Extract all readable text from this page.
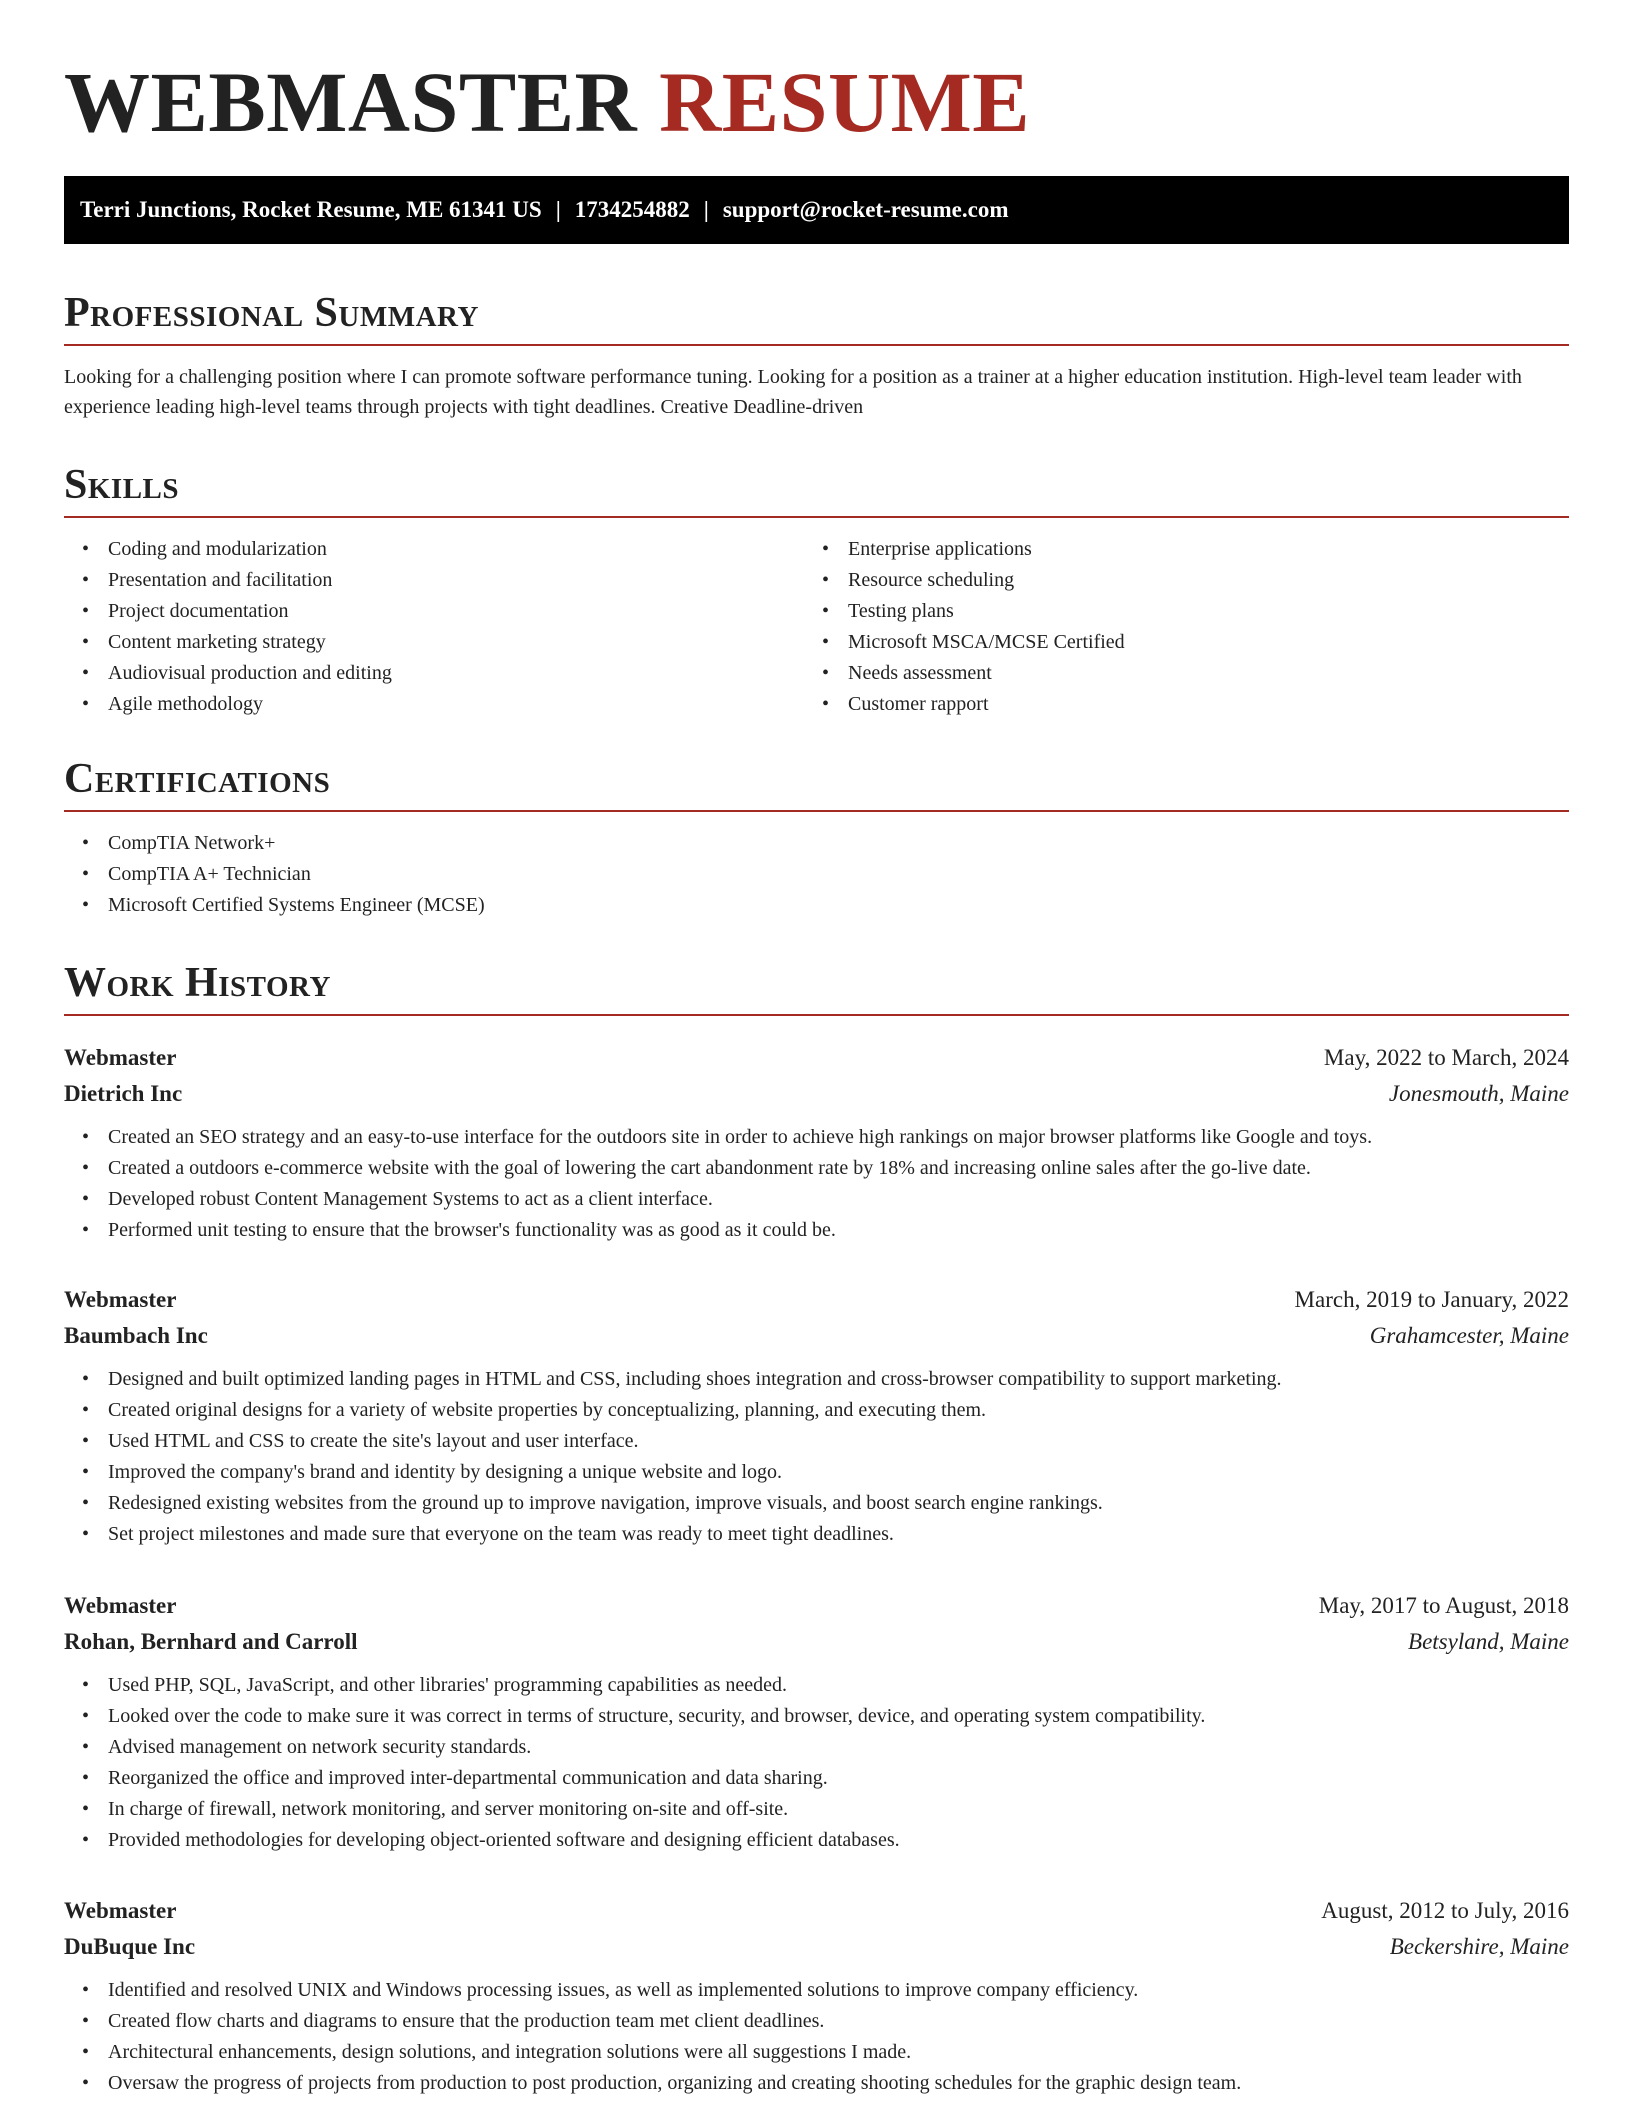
WEBMASTER RESUME
Terri Junctions, Rocket Resume, ME 61341 US | 1734254882 | support@rocket-resume.com
Professional Summary

Looking for a challenging position where I can promote software performance tuning. Looking for a position as a trainer at a higher education institution. High-level team leader with experience leading high-level teams through projects with tight deadlines. Creative Deadline-driven

Skills
• Coding and modularization
• Presentation and facilitation
• Project documentation
• Content marketing strategy
• Audiovisual production and editing
• Agile methodology
• Enterprise applications
• Resource scheduling
• Testing plans
• Microsoft MSCA/MCSE Certified
• Needs assessment
• Customer rapport
Certifications
• CompTIA Network+
• CompTIA A+ Technician
• Microsoft Certified Systems Engineer (MCSE)
Work History
Webmaster	May, 2022 to March, 2024
Dietrich Inc	Jonesmouth, Maine
• Created an SEO strategy and an easy-to-use interface for the outdoors site in order to achieve high rankings on major browser platforms like Google and toys.
• Created a outdoors e-commerce website with the goal of lowering the cart abandonment rate by 18% and increasing online sales after the go-live date.
• Developed robust Content Management Systems to act as a client interface.
• Performed unit testing to ensure that the browser's functionality was as good as it could be.
Webmaster	March, 2019 to January, 2022
Baumbach Inc	Grahamcester, Maine
• Designed and built optimized landing pages in HTML and CSS, including shoes integration and cross-browser compatibility to support marketing.
• Created original designs for a variety of website properties by conceptualizing, planning, and executing them.
• Used HTML and CSS to create the site's layout and user interface.
• Improved the company's brand and identity by designing a unique website and logo.
• Redesigned existing websites from the ground up to improve navigation, improve visuals, and boost search engine rankings.
• Set project milestones and made sure that everyone on the team was ready to meet tight deadlines.
Webmaster	May, 2017 to August, 2018
Rohan, Bernhard and Carroll	Betsyland, Maine
• Used PHP, SQL, JavaScript, and other libraries' programming capabilities as needed.
• Looked over the code to make sure it was correct in terms of structure, security, and browser, device, and operating system compatibility.
• Advised management on network security standards.
• Reorganized the office and improved inter-departmental communication and data sharing.
• In charge of firewall, network monitoring, and server monitoring on-site and off-site.
• Provided methodologies for developing object-oriented software and designing efficient databases.
Webmaster	August, 2012 to July, 2016
DuBuque Inc	Beckershire, Maine
• Identified and resolved UNIX and Windows processing issues, as well as implemented solutions to improve company efficiency.
• Created flow charts and diagrams to ensure that the production team met client deadlines.
• Architectural enhancements, design solutions, and integration solutions were all suggestions I made.
• Oversaw the progress of projects from production to post production, organizing and creating shooting schedules for the graphic design team.
